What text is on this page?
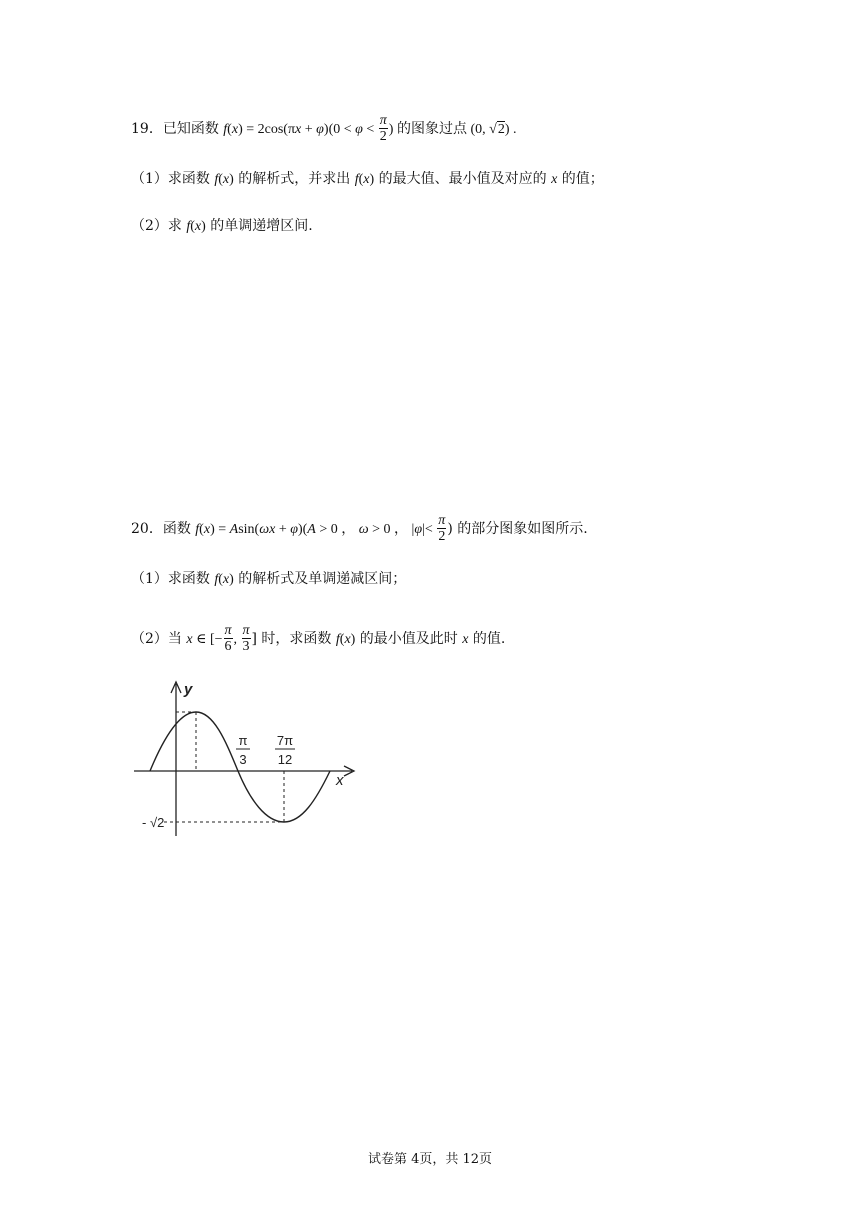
19．已知函数 $f(x) = 2\cos(\pi x + \varphi)(0 < \varphi < \frac{\pi}{2}$ ) 的图象过点 (0, √2) .
（1）求函数 f(x) 的解析式，并求出 f(x) 的最大值、最小值及对应的 x 的值；
（2）求 f(x) 的单调递增区间.
20．函数 f(x) = Asin(ωx + φ)(A > 0 ， ω > 0 ， $|\varphi|< \frac{\pi}{2}$ ) 的部分图象如图所示.
（1）求函数 f(x) 的解析式及单调递减区间；
（2）当 x ∈ [− $\frac{\pi}{6}$ , $\frac{\pi}{3}$ ] 时，求函数 f(x) 的最小值及此时 x 的值.
y
x
π
3
7π
12
- √2
试卷第 4页，共 12页
